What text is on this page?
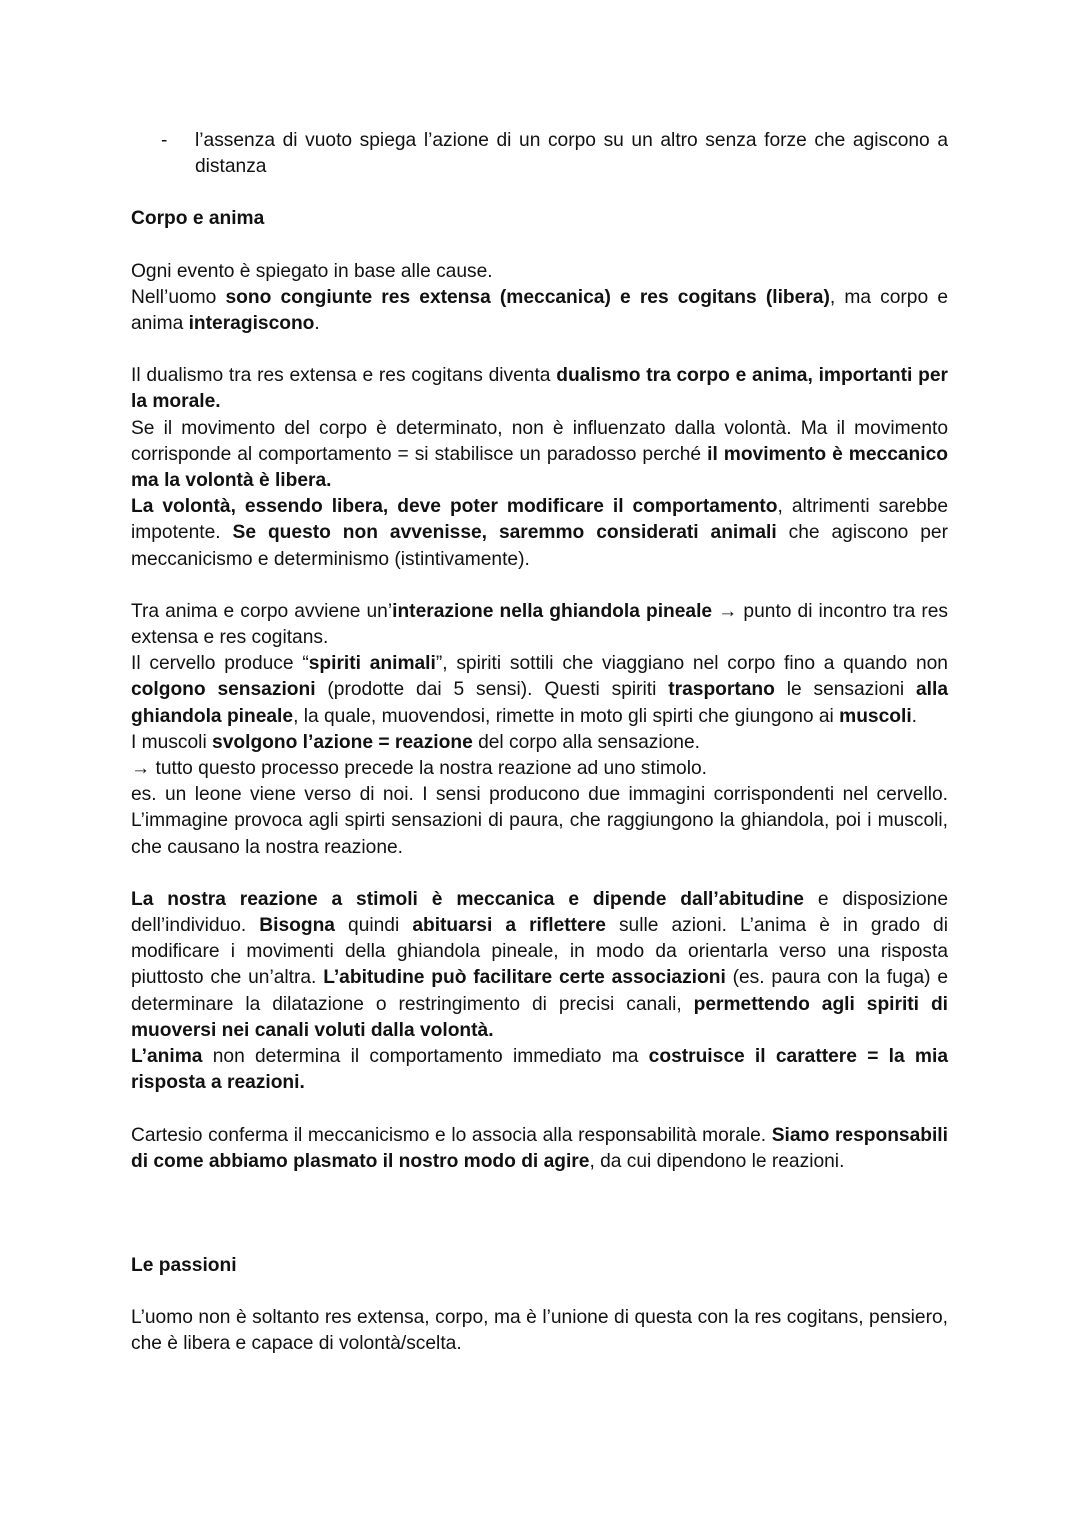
-	l’assenza di vuoto spiega l’azione di un corpo su un altro senza forze che agiscono a distanza
Corpo e anima

Ogni evento è spiegato in base alle cause.

Nell’uomo sono congiunte res extensa (meccanica) e res cogitans (libera), ma corpo e anima interagiscono.

Il dualismo tra res extensa e res cogitans diventa dualismo tra corpo e anima, importanti per la morale.

Se il movimento del corpo è determinato, non è influenzato dalla volontà. Ma il movimento corrisponde al comportamento = si stabilisce un paradosso perché il movimento è meccanico ma la volontà è libera.

La volontà, essendo libera, deve poter modificare il comportamento, altrimenti sarebbe impotente. Se questo non avvenisse, saremmo considerati animali che agiscono per meccanicismo e determinismo (istintivamente).

Tra anima e corpo avviene un’interazione nella ghiandola pineale → punto di incontro tra res extensa e res cogitans.

Il cervello produce “spiriti animali”, spiriti sottili che viaggiano nel corpo fino a quando non colgono sensazioni (prodotte dai 5 sensi). Questi spiriti trasportano le sensazioni alla ghiandola pineale, la quale, muovendosi, rimette in moto gli spirti che giungono ai muscoli.

I muscoli svolgono l’azione = reazione del corpo alla sensazione.

→ tutto questo processo precede la nostra reazione ad uno stimolo.

es. un leone viene verso di noi. I sensi producono due immagini corrispondenti nel cervello. L’immagine provoca agli spirti sensazioni di paura, che raggiungono la ghiandola, poi i muscoli, che causano la nostra reazione.

La nostra reazione a stimoli è meccanica e dipende dall’abitudine e disposizione dell’individuo. Bisogna quindi abituarsi a riflettere sulle azioni. L’anima è in grado di modificare i movimenti della ghiandola pineale, in modo da orientarla verso una risposta piuttosto che un’altra. L’abitudine può facilitare certe associazioni (es. paura con la fuga) e determinare la dilatazione o restringimento di precisi canali, permettendo agli spiriti di muoversi nei canali voluti dalla volontà.

L’anima non determina il comportamento immediato ma costruisce il carattere = la mia risposta a reazioni.

Cartesio conferma il meccanicismo e lo associa alla responsabilità morale. Siamo responsabili di come abbiamo plasmato il nostro modo di agire, da cui dipendono le reazioni.

Le passioni

L’uomo non è soltanto res extensa, corpo, ma è l’unione di questa con la res cogitans, pensiero, che è libera e capace di volontà/scelta.
